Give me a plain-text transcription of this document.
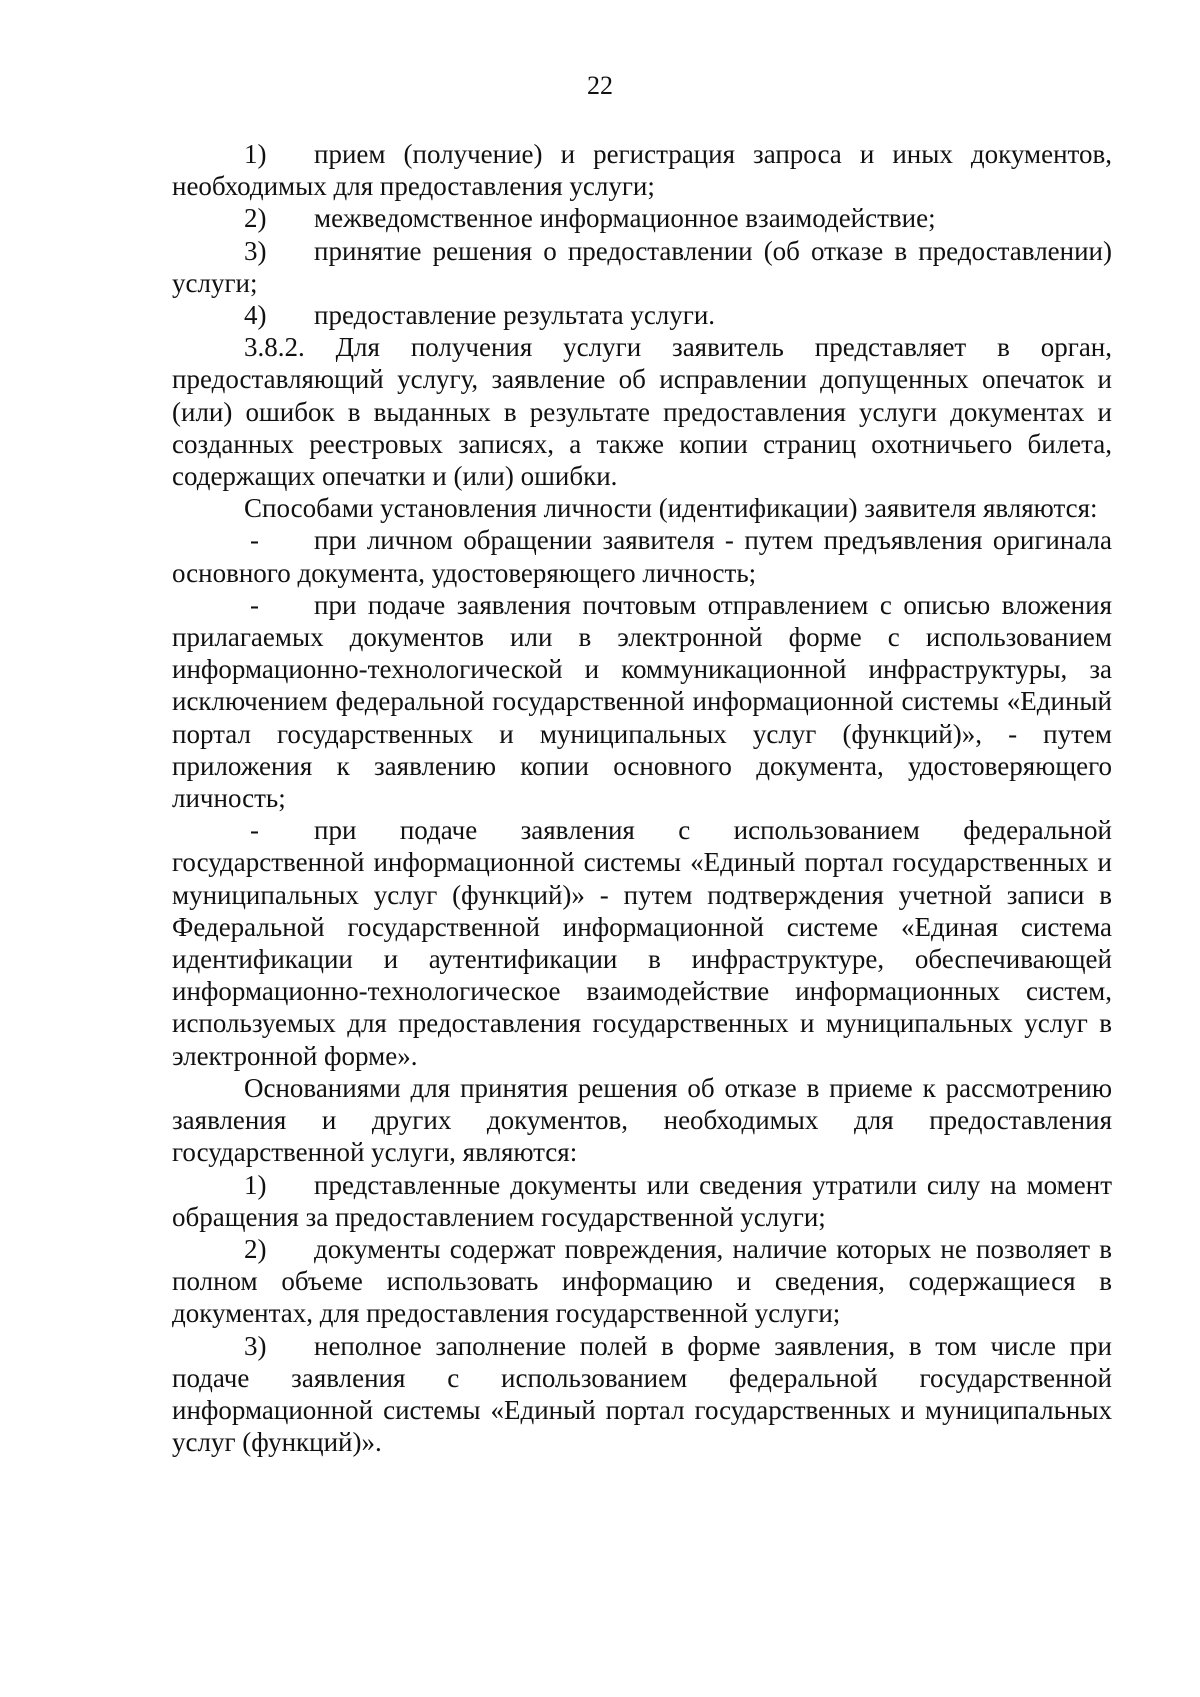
22

1) прием (получение) и регистрация запроса и иных документов, необходимых для предоставления услуги;

2) межведомственное информационное взаимодействие;

3) принятие решения о предоставлении (об отказе в предоставлении) услуги;

4) предоставление результата услуги.

3.8.2. Для получения услуги заявитель представляет в орган, предоставляющий услугу, заявление об исправлении допущенных опечаток и (или) ошибок в выданных в результате предоставления услуги документах и созданных реестровых записях, а также копии страниц охотничьего билета, содержащих опечатки и (или) ошибки.

Способами установления личности (идентификации) заявителя являются:

- при личном обращении заявителя - путем предъявления оригинала основного документа, удостоверяющего личность;

- при подаче заявления почтовым отправлением с описью вложения прилагаемых документов или в электронной форме с использованием информационно-технологической и коммуникационной инфраструктуры, за исключением федеральной государственной информационной системы «Единый портал государственных и муниципальных услуг (функций)», - путем приложения к заявлению копии основного документа, удостоверяющего личность;

- при подаче заявления с использованием федеральной государственной информационной системы «Единый портал государственных и муниципальных услуг (функций)» - путем подтверждения учетной записи в Федеральной государственной информационной системе «Единая система идентификации и аутентификации в инфраструктуре, обеспечивающей информационно-технологическое взаимодействие информационных систем, используемых для предоставления государственных и муниципальных услуг в электронной форме».

Основаниями для принятия решения об отказе в приеме к рассмотрению заявления и других документов, необходимых для предоставления государственной услуги, являются:

1) представленные документы или сведения утратили силу на момент обращения за предоставлением государственной услуги;

2) документы содержат повреждения, наличие которых не позволяет в полном объеме использовать информацию и сведения, содержащиеся в документах, для предоставления государственной услуги;

3) неполное заполнение полей в форме заявления, в том числе при подаче заявления с использованием федеральной государственной информационной системы «Единый портал государственных и муниципальных услуг (функций)».
